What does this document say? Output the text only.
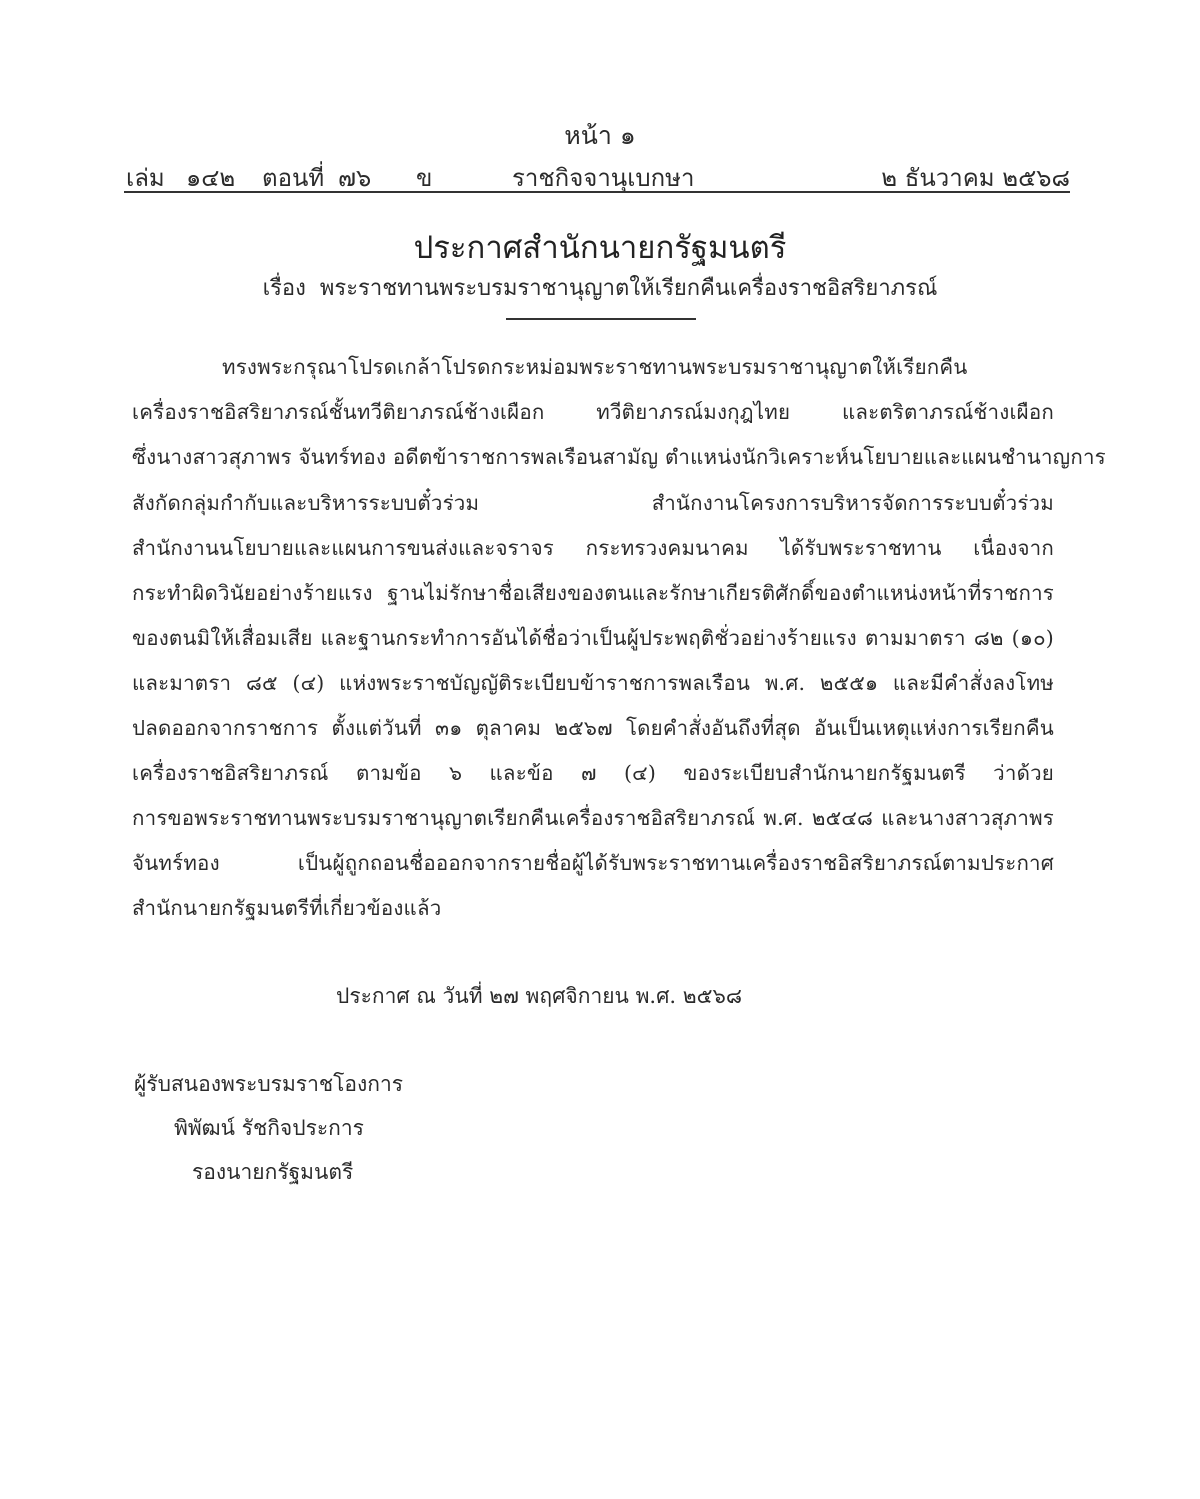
หน้า ๑
เล่ม ๑๔๒ ตอนที่ ๗๖ ข	ราชกิจจานุเบกษา	๒ ธันวาคม ๒๕๖๘
ประกาศสำนักนายกรัฐมนตรี
เรื่อง พระราชทานพระบรมราชานุญาตให้เรียกคืนเครื่องราชอิสริยาภรณ์
ทรงพระกรุณาโปรดเกล้าโปรดกระหม่อมพระราชทานพระบรมราชานุญาตให้เรียกคืน
เครื่องราชอิสริยาภรณ์ชั้นทวีติยาภรณ์ช้างเผือก ทวีติยาภรณ์มงกุฎไทย และตริตาภรณ์ช้างเผือก
ซึ่งนางสาวสุภาพร จันทร์ทอง อดีตข้าราชการพลเรือนสามัญ ตำแหน่งนักวิเคราะห์นโยบายและแผนชำนาญการ
สังกัดกลุ่มกำกับและบริหารระบบตั๋วร่วม สำนักงานโครงการบริหารจัดการระบบตั๋วร่วม
สำนักงานนโยบายและแผนการขนส่งและจราจร กระทรวงคมนาคม ได้รับพระราชทาน เนื่องจาก
กระทำผิดวินัยอย่างร้ายแรง ฐานไม่รักษาชื่อเสียงของตนและรักษาเกียรติศักดิ์ของตำแหน่งหน้าที่ราชการ
ของตนมิให้เสื่อมเสีย และฐานกระทำการอันได้ชื่อว่าเป็นผู้ประพฤติชั่วอย่างร้ายแรง ตามมาตรา ๘๒ (๑๐)
และมาตรา ๘๕ (๔) แห่งพระราชบัญญัติระเบียบข้าราชการพลเรือน พ.ศ. ๒๕๕๑ และมีคำสั่งลงโทษ
ปลดออกจากราชการ ตั้งแต่วันที่ ๓๑ ตุลาคม ๒๕๖๗ โดยคำสั่งอันถึงที่สุด อันเป็นเหตุแห่งการเรียกคืน
เครื่องราชอิสริยาภรณ์ ตามข้อ ๖ และข้อ ๗ (๔) ของระเบียบสำนักนายกรัฐมนตรี ว่าด้วย
การขอพระราชทานพระบรมราชานุญาตเรียกคืนเครื่องราชอิสริยาภรณ์ พ.ศ. ๒๕๔๘ และนางสาวสุภาพร
จันทร์ทอง เป็นผู้ถูกถอนชื่อออกจากรายชื่อผู้ได้รับพระราชทานเครื่องราชอิสริยาภรณ์ตามประกาศ
สำนักนายกรัฐมนตรีที่เกี่ยวข้องแล้ว
ประกาศ ณ วันที่ ๒๗ พฤศจิกายน พ.ศ. ๒๕๖๘
ผู้รับสนองพระบรมราชโองการ
พิพัฒน์ รัชกิจประการ
รองนายกรัฐมนตรี
